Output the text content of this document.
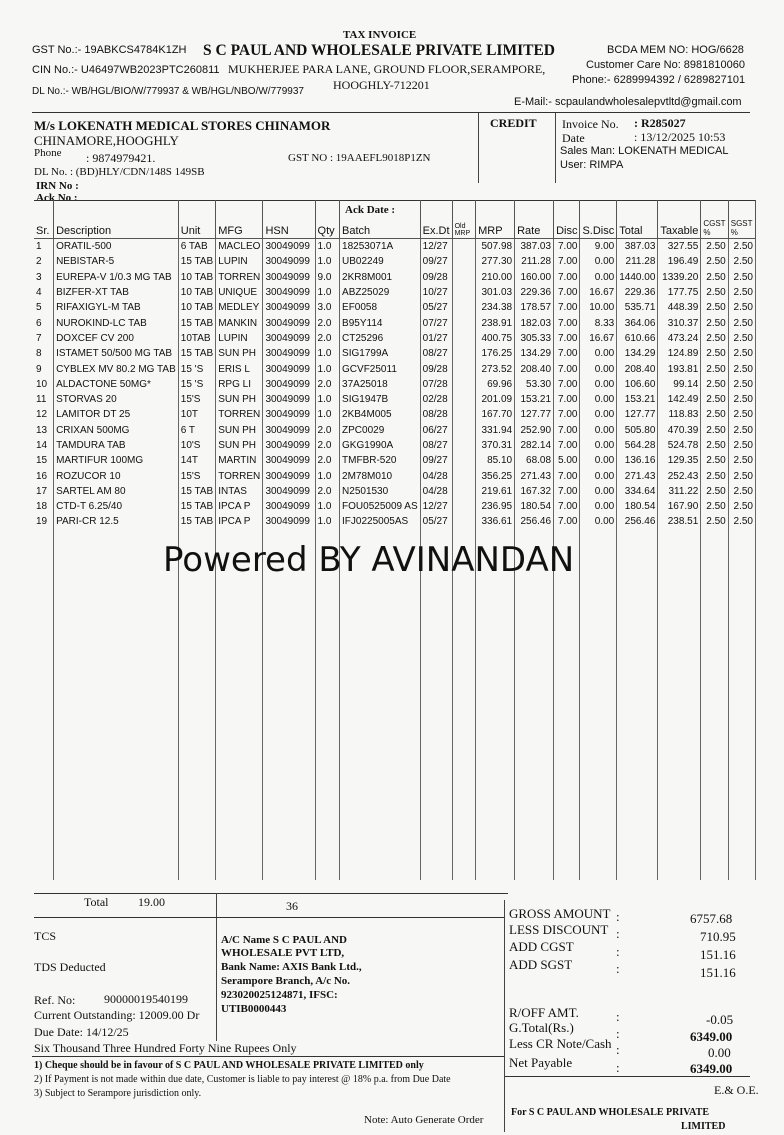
TAX INVOICE
S C PAUL AND WHOLESALE PRIVATE LIMITED
MUKHERJEE PARA LANE, GROUND FLOOR,SERAMPORE,
HOOGHLY-712201
GST No.:- 19ABKCS4784K1ZH
CIN No.:- U46497WB2023PTC260811
DL No.:- WB/HGL/BIO/W/779937 & WB/HGL/NBO/W/779937
BCDA MEM NO: HOG/6628
Customer Care No: 8981810060
Phone:- 6289994392 / 6289827101
E-Mail:- scpaulandwholesalepvtltd@gmail.com
M/s LOKENATH MEDICAL STORES CHINAMOR
CHINAMORE,HOOGHLY
Phone : 9874979421.
DL No. : (BD)HLY/CDN/148S 149SB
GST NO : 19AAEFL9018P1ZN
IRN No :
Ack No :
Ack Date :
CREDIT Invoice No. : R285027
Date	: 13/12/2025 10:53
Sales Man: LOKENATH MEDICAL
User: RIMPA
Sr.	Description	Unit	MFG	HSN	Qty	Batch	Ex.Dt	Old MRP	MRP	Rate	Disc	S.Disc	Total	Taxable	CGST %	SGST %
1	ORATIL-500	6 TAB	MACLEO	30049099	1.0	18253071A	12/27		507.98	387.03	7.00	9.00	387.03	327.55	2.50	2.50
2	NEBISTAR-5	15 TAB	LUPIN	30049099	1.0	UB02249	09/27		277.30	211.28	7.00	0.00	211.28	196.49	2.50	2.50
3	EUREPA-V 1/0.3 MG TAB	10 TAB	TORREN	30049099	9.0	2KR8M001	09/28		210.00	160.00	7.00	0.00	1440.00	1339.20	2.50	2.50
4	BIZFER-XT TAB	10 TAB	UNIQUE	30049099	1.0	ABZ25029	10/27		301.03	229.36	7.00	16.67	229.36	177.75	2.50	2.50
5	RIFAXIGYL-M TAB	10 TAB	MEDLEY	30049099	3.0	EF0058	05/27		234.38	178.57	7.00	10.00	535.71	448.39	2.50	2.50
6	NUROKIND-LC TAB	15 TAB	MANKIN	30049099	2.0	B95Y114	07/27		238.91	182.03	7.00	8.33	364.06	310.37	2.50	2.50
7	DOXCEF CV 200	10TAB	LUPIN	30049099	2.0	CT25296	01/27		400.75	305.33	7.00	16.67	610.66	473.24	2.50	2.50
8	ISTAMET 50/500 MG TAB	15 TAB	SUN PH	30049099	1.0	SIG1799A	08/27		176.25	134.29	7.00	0.00	134.29	124.89	2.50	2.50
9	CYBLEX MV 80.2 MG TAB	15 'S	ERIS L	30049099	1.0	GCVF25011	09/28		273.52	208.40	7.00	0.00	208.40	193.81	2.50	2.50
10	ALDACTONE 50MG*	15 'S	RPG LI	30049099	2.0	37A25018	07/28		69.96	53.30	7.00	0.00	106.60	99.14	2.50	2.50
11	STORVAS 20	15'S	SUN PH	30049099	1.0	SIG1947B	02/28		201.09	153.21	7.00	0.00	153.21	142.49	2.50	2.50
12	LAMITOR DT 25	10T	TORREN	30049099	1.0	2KB4M005	08/28		167.70	127.77	7.00	0.00	127.77	118.83	2.50	2.50
13	CRIXAN 500MG	6 T	SUN PH	30049099	2.0	ZPC0029	06/27		331.94	252.90	7.00	0.00	505.80	470.39	2.50	2.50
14	TAMDURA TAB	10'S	SUN PH	30049099	2.0	GKG1990A	08/27		370.31	282.14	7.00	0.00	564.28	524.78	2.50	2.50
15	MARTIFUR 100MG	14T	MARTIN	30049099	2.0	TMFBR-520	09/27		85.10	68.08	5.00	0.00	136.16	129.35	2.50	2.50
16	ROZUCOR 10	15'S	TORREN	30049099	1.0	2M78M010	04/28		356.25	271.43	7.00	0.00	271.43	252.43	2.50	2.50
17	SARTEL AM 80	15 TAB	INTAS	30049099	2.0	N2501530	04/28		219.61	167.32	7.00	0.00	334.64	311.22	2.50	2.50
18	CTD-T 6.25/40	15 TAB	IPCA P	30049099	1.0	FOU0525009 AS	12/27		236.95	180.54	7.00	0.00	180.54	167.90	2.50	2.50
19	PARI-CR 12.5	15 TAB	IPCA P	30049099	1.0	IFJ0225005AS	05/27		336.61	256.46	7.00	0.00	256.46	238.51	2.50	2.50

Powered BY AVINANDAN
Total 19.00	36	GROSS AMOUNT :	6757.68
LESS DISCOUNT :	710.95
ADD CGST	:	151.16
ADD SGST	:	151.16
R/OFF AMT.	:	-0.05
G.Total(Rs.)	:	6349.00
Less CR Note/Cash :	0.00
Net Payable	:	6349.00
TCS
TDS Deducted
Ref. No: 90000019540199
Current Outstanding: 12009.00 Dr
Due Date: 14/12/25
Six Thousand Three Hundred Forty Nine Rupees Only
A/C Name S C PAUL AND
WHOLESALE PVT LTD,
Bank Name: AXIS Bank Ltd.,
Serampore Branch, A/c No.
923020025124871, IFSC:
UTIB0000443
1) Cheque should be in favour of S C PAUL AND WHOLESALE PRIVATE LIMITED only
2) If Payment is not made within due date, Customer is liable to pay interest @ 18% p.a. from Due Date
3) Subject to Serampore jurisdiction only.
Note: Auto Generate Order
E.& O.E.
For S C PAUL AND WHOLESALE PRIVATE
LIMITED
